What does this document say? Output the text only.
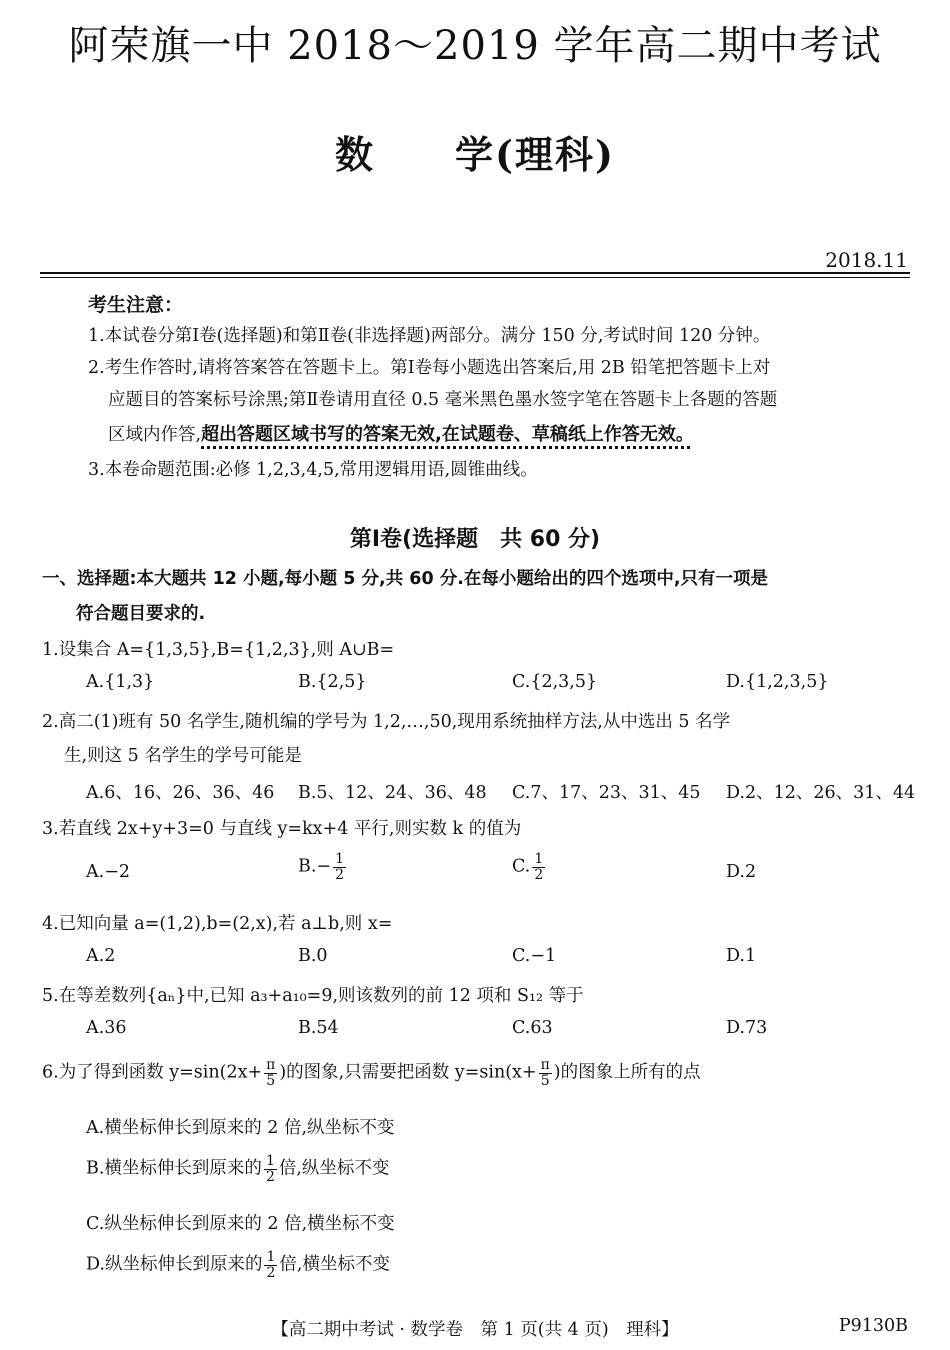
阿荣旗一中 2018～2019 学年高二期中考试
数　　学(理科)
2018.11
考生注意：
1.本试卷分第Ⅰ卷(选择题)和第Ⅱ卷(非选择题)两部分。满分 150 分,考试时间 120 分钟。
2.考生作答时,请将答案答在答题卡上。第Ⅰ卷每小题选出答案后,用 2B 铅笔把答题卡上对
应题目的答案标号涂黑;第Ⅱ卷请用直径 0.5 毫米黑色墨水签字笔在答题卡上各题的答题
区域内作答,超出答题区域书写的答案无效,在试题卷、草稿纸上作答无效。
3.本卷命题范围:必修 1,2,3,4,5,常用逻辑用语,圆锥曲线。
第Ⅰ卷(选择题　共 60 分)
一、选择题:本大题共 12 小题,每小题 5 分,共 60 分.在每小题给出的四个选项中,只有一项是
符合题目要求的.
1.设集合 A={1,3,5},B={1,2,3},则 A∪B=
A.{1,3}	B.{2,5}	C.{2,3,5}	D.{1,2,3,5}
2.高二(1)班有 50 名学生,随机编的学号为 1,2,…,50,现用系统抽样方法,从中选出 5 名学
生,则这 5 名学生的学号可能是
A.6、16、26、36、46 B.5、12、24、36、48 C.7、17、23、31、45 D.2、12、26、31、44
3.若直线 2x+y+3=0 与直线 y=kx+4 平行,则实数 k 的值为
A.−2	$B.- \frac{1}{2}$	C. $\frac{1}{2}$	D.2
4.已知向量 a=(1,2),b=(2,x),若 a⊥b,则 x=
A.2	B.0	C.−1	D.1
5.在等差数列{aₙ}中,已知 a₃+a₁₀=9,则该数列的前 12 项和 S₁₂ 等于
A.36	B.54	C.63	D.73
6.为了得到函数 $y=\sin(2x+ \frac{\pi}{5}$ )的图象,只需要把函数 $y=\sin(x+ \frac{\pi}{5}$ )的图象上所有的点
A.横坐标伸长到原来的 2 倍,纵坐标不变
B.横坐标伸长到原来的 $\frac{1}{2}$ 倍,纵坐标不变
C.纵坐标伸长到原来的 2 倍,横坐标不变
D.纵坐标伸长到原来的 $\frac{1}{2}$ 倍,横坐标不变
【高二期中考试 · 数学卷　第 1 页(共 4 页)　理科】	P9130B
